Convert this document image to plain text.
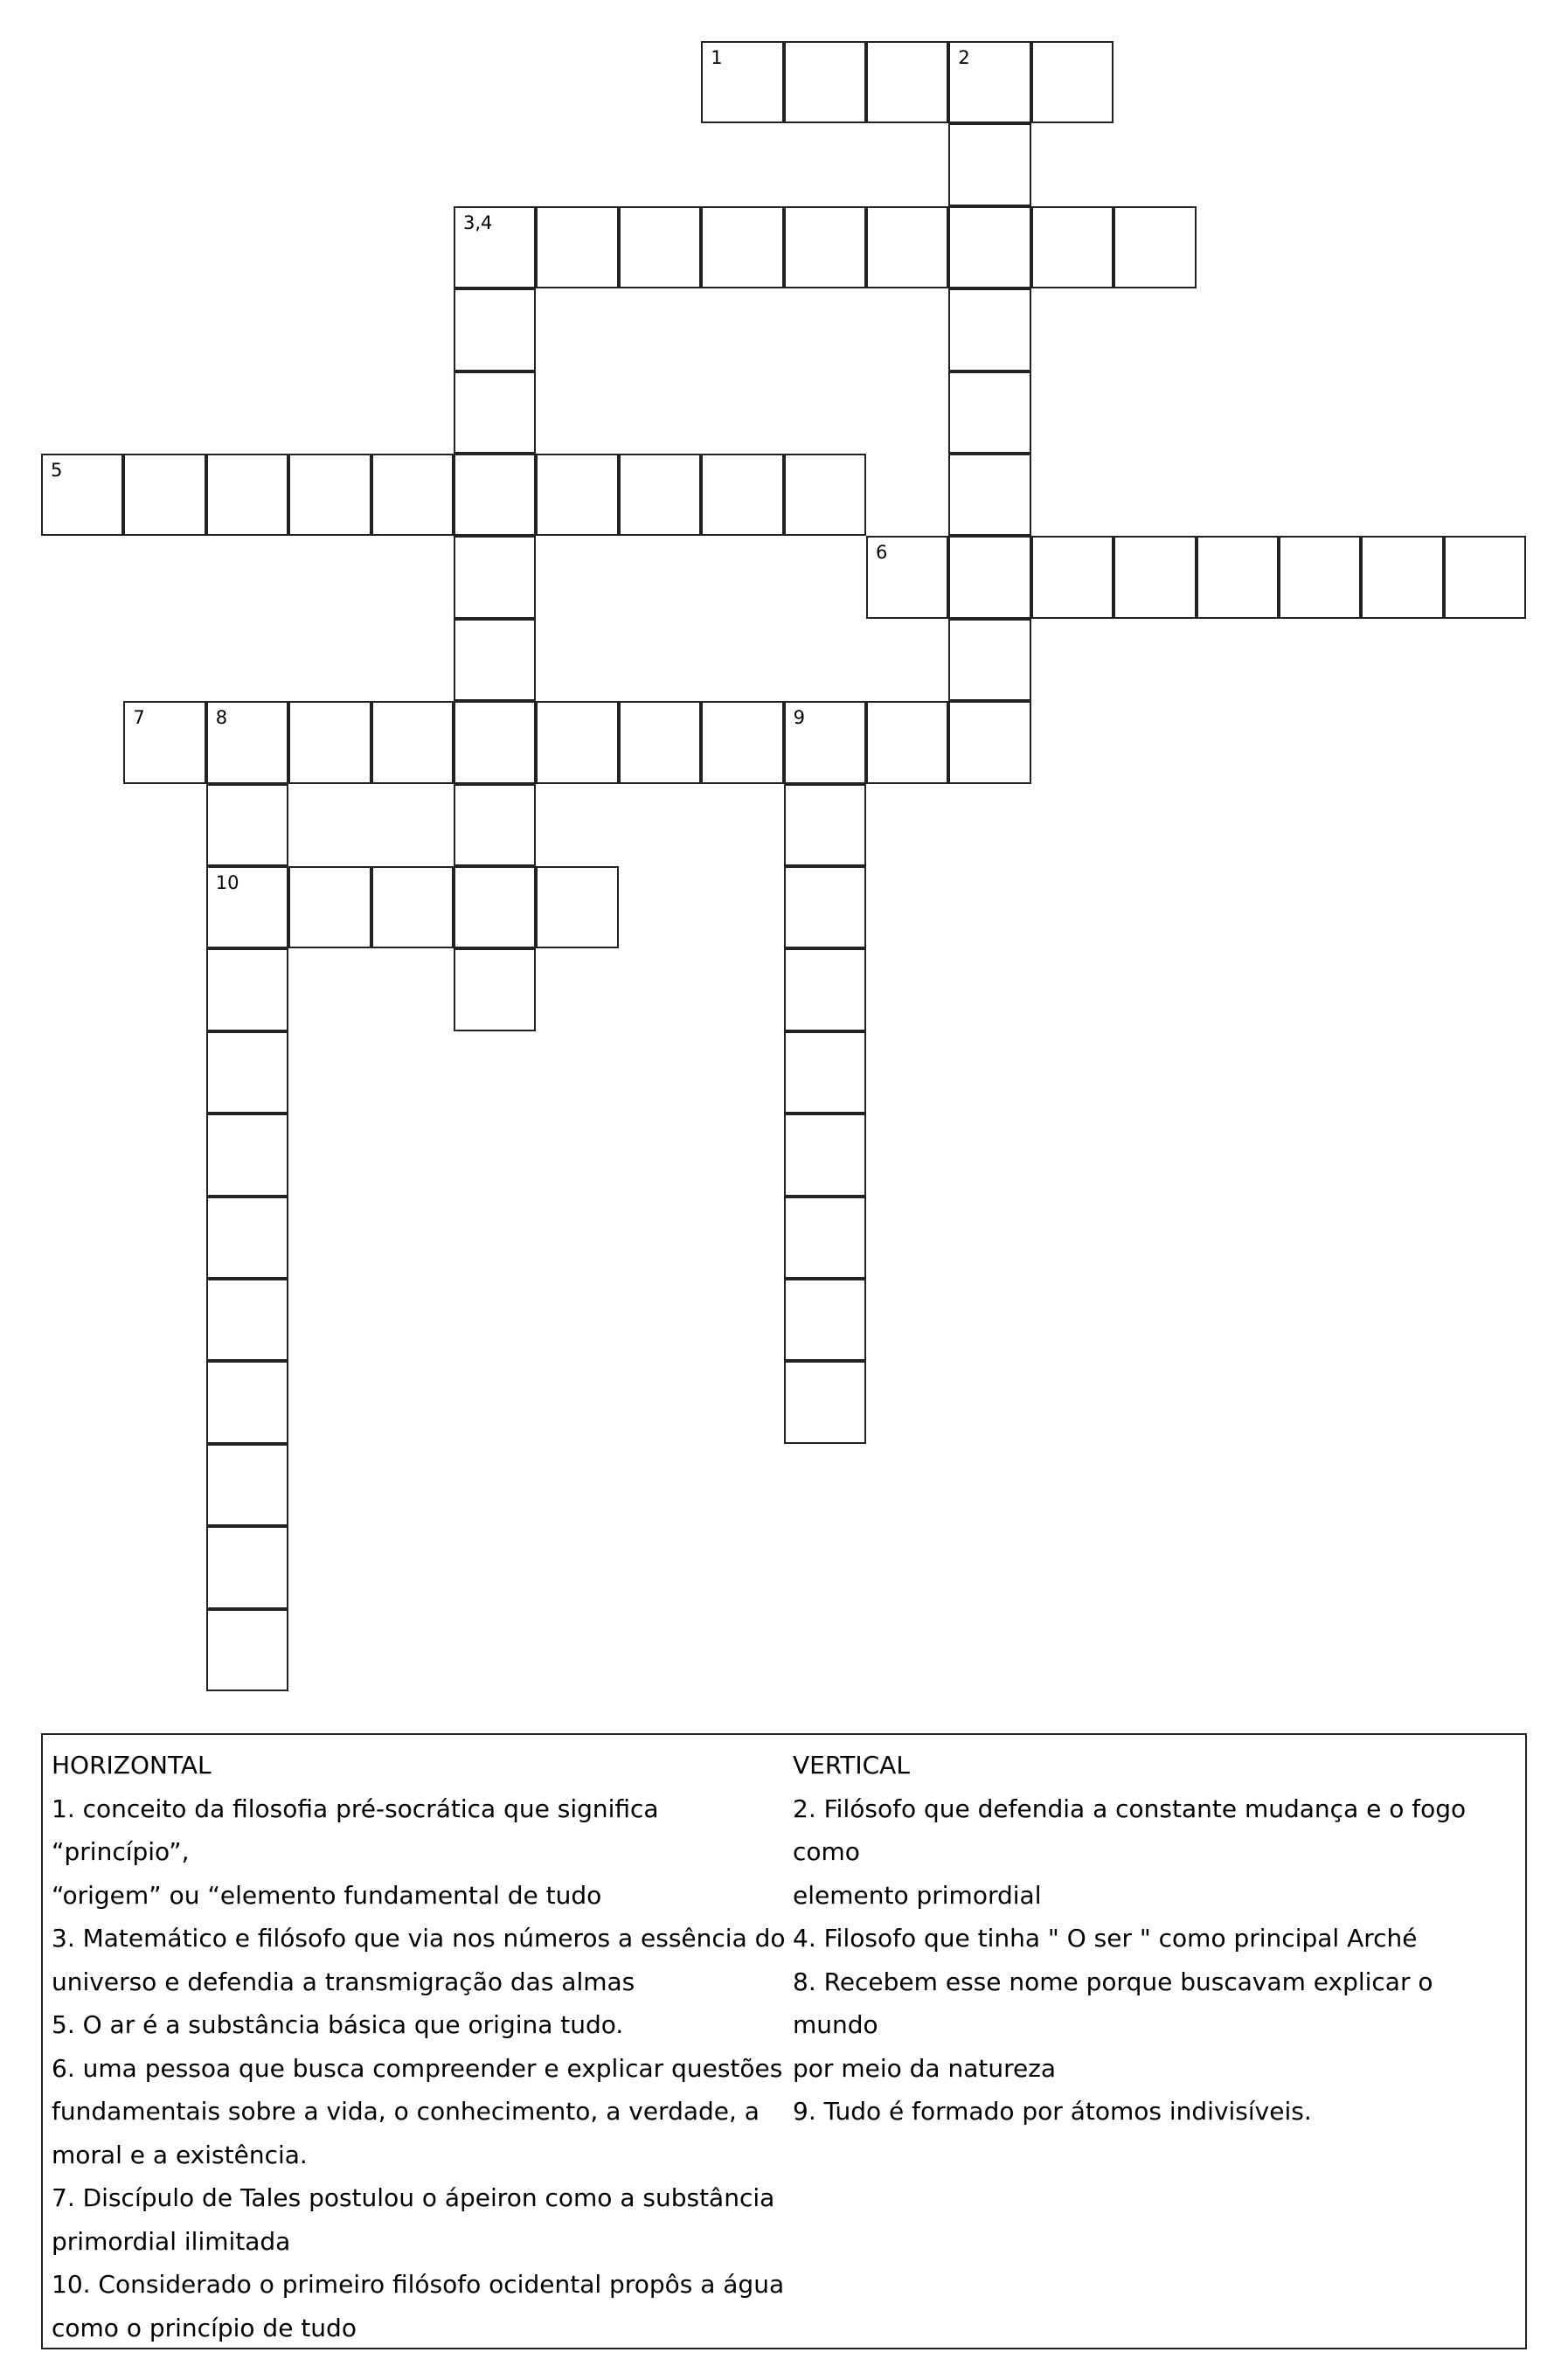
1	2
3,4
5
6
7	8	9
10

HORIZONTAL

1. conceito da filosofia pré-socrática que significa “princípio”,
“origem” ou “elemento fundamental de tudo

3. Matemático e filósofo que via nos números a essência do
universo e defendia a transmigração das almas

5. O ar é a substância básica que origina tudo.

6. uma pessoa que busca compreender e explicar questões
fundamentais sobre a vida, o conhecimento, a verdade, a
moral e a existência.

7. Discípulo de Tales postulou o ápeiron como a substância
primordial ilimitada

10. Considerado o primeiro filósofo ocidental propôs a água
como o princípio de tudo

VERTICAL

2. Filósofo que defendia a constante mudança e o fogo como
elemento primordial

4. Filosofo que tinha " O ser " como principal Arché

8. Recebem esse nome porque buscavam explicar o mundo
por meio da natureza

9. Tudo é formado por átomos indivisíveis.
